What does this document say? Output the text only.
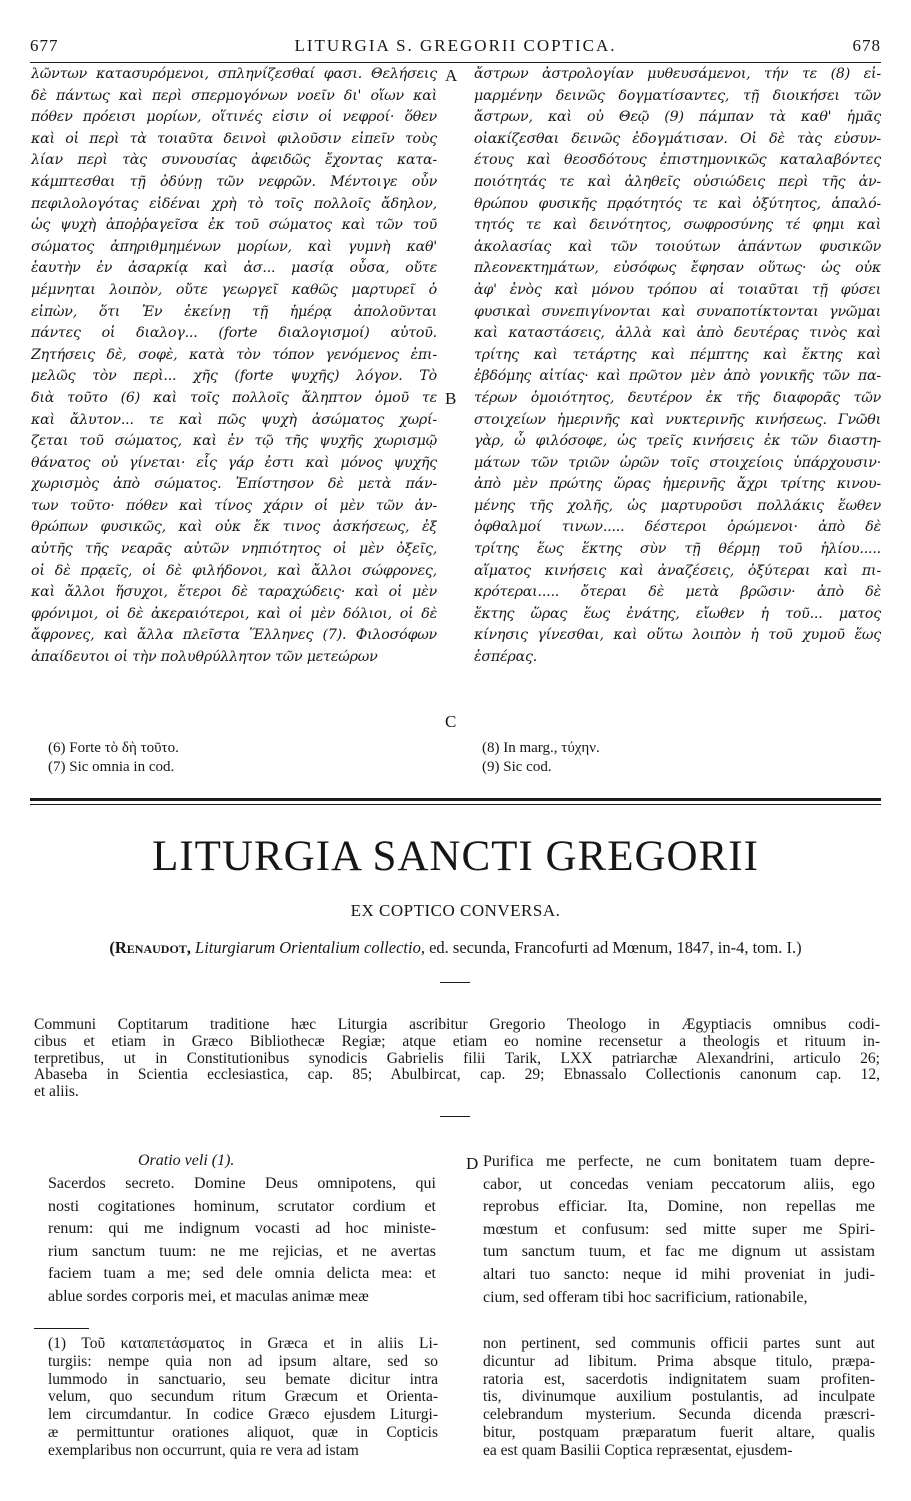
677	LITURGIA S. GREGORII COPTICA.	678
λῶντων κατασυρόμενοι, σπληνίζεσθαί φασι. Θελήσεις
δὲ πάντως καὶ περὶ σπερμογόνων νοεῖν δι' οἵων καὶ
πόθεν πρόεισι μορίων, οἵτινές εἰσιν οἱ νεφροί· ὅθεν
καὶ οἱ περὶ τὰ τοιαῦτα δεινοὶ φιλοῦσιν εἰπεῖν τοὺς
λίαν περὶ τὰς συνουσίας ἀφειδῶς ἔχοντας κατα-
κάμπτεσθαι τῇ ὀδύνῃ τῶν νεφρῶν. Μέντοιγε οὖν
πεφιλολογότας εἰδέναι χρὴ τὸ τοῖς πολλοῖς ἄδηλον,
ὡς ψυχὴ ἀποῤῥαγεῖσα ἐκ τοῦ σώματος καὶ τῶν τοῦ
σώματος ἀπηριθμημένων μορίων, καὶ γυμνὴ καθ'
ἑαυτὴν ἐν ἀσαρκίᾳ καὶ ἀσ... μασίᾳ οὖσα, οὔτε
μέμνηται λοιπὸν, οὔτε γεωργεῖ καθῶς μαρτυρεῖ ὁ
εἰπὼν, ὅτι Ἐν ἐκείνῃ τῇ ἡμέρᾳ ἀπολοῦνται
πάντες οἱ διαλογ... (forte διαλογισμοί) αὐτοῦ.
Ζητήσεις δὲ, σοφὲ, κατὰ τὸν τόπον γενόμενος ἐπι-
μελῶς τὸν περὶ... χῆς (forte ψυχῆς) λόγον. Τὸ
διὰ τοῦτο (6) καὶ τοῖς πολλοῖς ἄληπτον ὁμοῦ τε
καὶ ἄλυτον... τε καὶ πῶς ψυχὴ ἀσώματος χωρί-
ζεται τοῦ σώματος, καὶ ἐν τῷ τῆς ψυχῆς χωρισμῷ
θάνατος οὐ γίνεται· εἷς γάρ ἐστι καὶ μόνος ψυχῆς
χωρισμὸς ἀπὸ σώματος. Ἐπίστησον δὲ μετὰ πάν-
των τοῦτο· πόθεν καὶ τίνος χάριν οἱ μὲν τῶν ἀν-
θρώπων φυσικῶς, καὶ οὐκ ἔκ τινος ἀσκήσεως, ἐξ
αὐτῆς τῆς νεαρᾶς αὐτῶν νηπιότητος οἱ μὲν ὀξεῖς,
οἱ δὲ πρᾳεῖς, οἱ δὲ φιλήδονοι, καὶ ἄλλοι σώφρονες,
καὶ ἄλλοι ἥσυχοι, ἕτεροι δὲ ταραχώδεις· καὶ οἱ μὲν
φρόνιμοι, οἱ δὲ ἀκεραιότεροι, καὶ οἱ μὲν δόλιοι, οἱ δὲ
ἄφρονες, καὶ ἄλλα πλεῖστα Ἕλληνες (7). Φιλοσόφων
ἀπαίδευτοι οἱ τὴν πολυθρύλλητον τῶν μετεώρων
ἄστρων ἀστρολογίαν μυθευσάμενοι, τήν τε (8) εἱ-
μαρμένην δεινῶς δογματίσαντες, τῇ διοικήσει τῶν
ἄστρων, καὶ οὐ Θεῷ (9) πάμπαν τὰ καθ' ἡμᾶς
οἰακίζεσθαι δεινῶς ἐδογμάτισαν. Οἱ δὲ τὰς εὐσυν-
έτους καὶ θεοσδότους ἐπιστημονικῶς καταλαβόντες
ποιότητάς τε καὶ ἀληθεῖς οὐσιώδεις περὶ τῆς ἀν-
θρώπου φυσικῆς πρᾳότητός τε καὶ ὀξύτητος, ἁπαλό-
τητός τε καὶ δεινότητος, σωφροσύνης τέ φημι καὶ
ἀκολασίας καὶ τῶν τοιούτων ἁπάντων φυσικῶν
πλεονεκτημάτων, εὐσόφως ἔφησαν οὕτως· ὡς οὐκ
ἀφ' ἑνὸς καὶ μόνου τρόπου αἱ τοιαῦται τῇ φύσει
φυσικαὶ συνεπιγίνονται καὶ συναποτίκτονται γνῶμαι
καὶ καταστάσεις, ἀλλὰ καὶ ἀπὸ δευτέρας τινὸς καὶ
τρίτης καὶ τετάρτης καὶ πέμπτης καὶ ἕκτης καὶ
ἑβδόμης αἰτίας· καὶ πρῶτον μὲν ἀπὸ γονικῆς τῶν πα-
τέρων ὁμοιότητος, δευτέρον ἐκ τῆς διαφορᾶς τῶν
στοιχείων ἡμερινῆς καὶ νυκτερινῆς κινήσεως. Γνῶθι
γὰρ, ὦ φιλόσοφε, ὡς τρεῖς κινήσεις ἐκ τῶν διαστη-
μάτων τῶν τριῶν ὡρῶν τοῖς στοιχείοις ὑπάρχουσιν·
ἀπὸ μὲν πρώτης ὥρας ἡμερινῆς ἄχρι τρίτης κινου-
μένης τῆς χολῆς, ὡς μαρτυροῦσι πολλάκις ἕωθεν
ὀφθαλμοί τινων..... δέστεροι ὁρώμενοι· ἀπὸ δὲ
τρίτης ἕως ἕκτης σὺν τῇ θέρμῃ τοῦ ἡλίου.....
αἵματος κινήσεις καὶ ἀναζέσεις, ὀξύτεραι καὶ πι-
κρότεραι..... ὄτεραι δὲ μετὰ βρῶσιν· ἀπὸ δὲ
ἕκτης ὥρας ἕως ἐνάτης, εἴωθεν ἡ τοῦ... ματος
κίνησις γίνεσθαι, καὶ οὕτω λοιπὸν ἡ τοῦ χυμοῦ ἕως
ἑσπέρας.
A
B
C
(6) Forte τὸ δὴ τοῦτο.
(7) Sic omnia in cod.
(8) In marg., τύχην.
(9) Sic cod.
LITURGIA SANCTI GREGORII
EX COPTICO CONVERSA.
(Renaudot, Liturgiarum Orientalium collectio, ed. secunda, Francofurti ad Mœnum, 1847, in-4, tom. I.)
Communi Coptitarum traditione hæc Liturgia ascribitur Gregorio Theologo in Ægyptiacis omnibus codi-
cibus et etiam in Græco Bibliothecæ Regiæ; atque etiam eo nomine recensetur a theologis et rituum in-
terpretibus, ut in Constitutionibus synodicis Gabrielis filii Tarik, LXX patriarchæ Alexandrini, articulo 26;
Abaseba in Scientia ecclesiastica, cap. 85; Abulbircat, cap. 29; Ebnassalo Collectionis canonum cap. 12,
et aliis.
Oratio veli (1).
Sacerdos secreto. Domine Deus omnipotens, qui
nosti cogitationes hominum, scrutator cordium et
renum: qui me indignum vocasti ad hoc ministe-
rium sanctum tuum: ne me rejicias, et ne avertas
faciem tuam a me; sed dele omnia delicta mea: et
ablue sordes corporis mei, et maculas animæ meæ
D Purifica me perfecte, ne cum bonitatem tuam depre-
cabor, ut concedas veniam peccatorum aliis, ego
reprobus efficiar. Ita, Domine, non repellas me
mœstum et confusum: sed mitte super me Spiri-
tum sanctum tuum, et fac me dignum ut assistam
altari tuo sancto: neque id mihi proveniat in judi-
cium, sed offeram tibi hoc sacrificium, rationabile,
(1) Τοῦ καταπετάσματος in Græca et in aliis Li-
turgiis: nempe quia non ad ipsum altare, sed so
lummodo in sanctuario, seu bemate dicitur intra
velum, quo secundum ritum Græcum et Orienta-
lem circumdantur. In codice Græco ejusdem Liturgi-
æ permittuntur orationes aliquot, quæ in Copticis
exemplaribus non occurrunt, quia re vera ad istam
non pertinent, sed communis officii partes sunt aut
dicuntur ad libitum. Prima absque titulo, præpa-
ratoria est, sacerdotis indignitatem suam profiten-
tis, divinumque auxilium postulantis, ad inculpate
celebrandum mysterium. Secunda dicenda præscri-
bitur, postquam præparatum fuerit altare, qualis
ea est quam Basilii Coptica repræsentat, ejusdem-
